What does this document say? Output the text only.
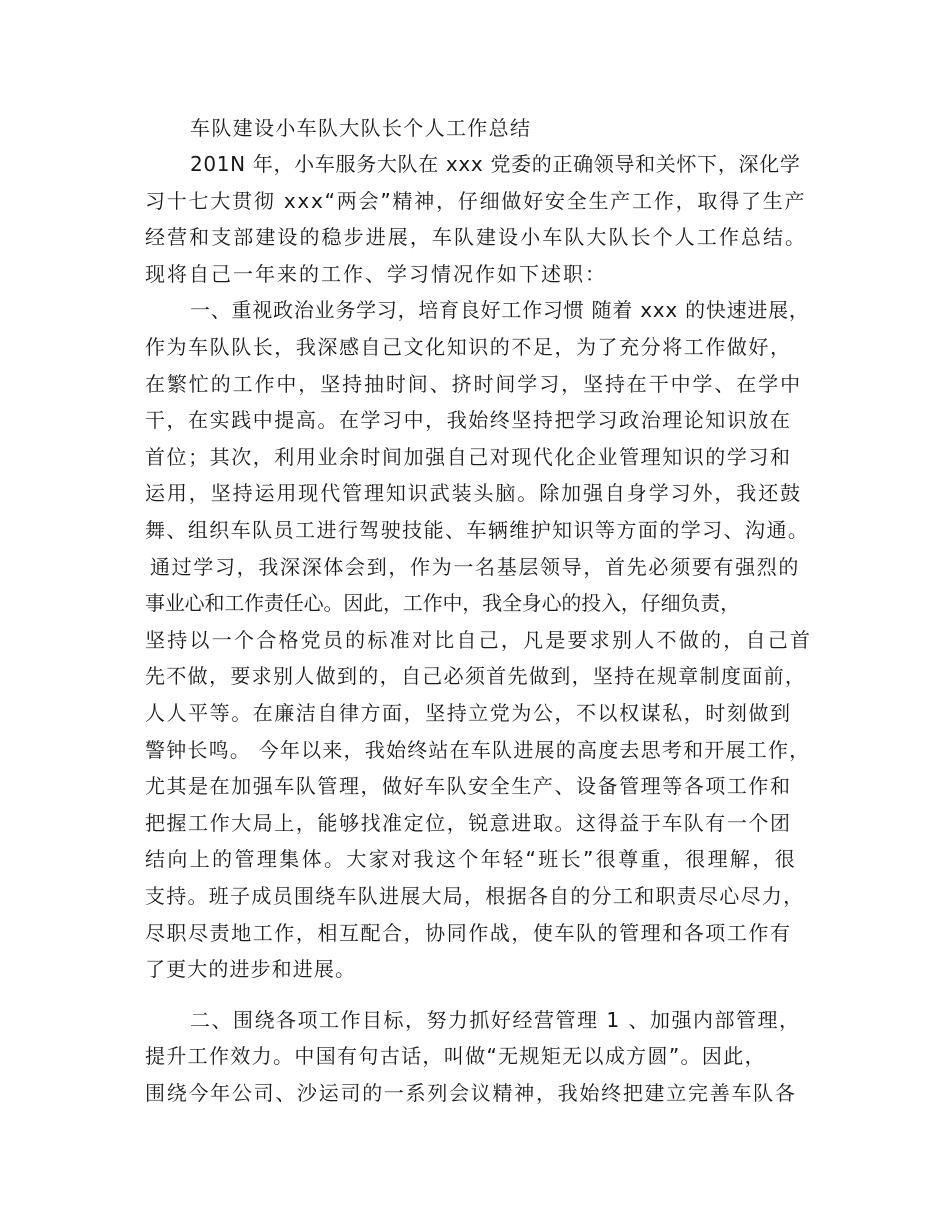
车队建设小车队大队长个人工作总结
201N 年，小车服务大队在 xxx 党委的正确领导和关怀下，深化学
习十七大贯彻 xxx“两会”精神，仔细做好安全生产工作，取得了生产
经营和支部建设的稳步进展，车队建设小车队大队长个人工作总结。
现将自己一年来的工作、学习情况作如下述职：
一、重视政治业务学习，培育良好工作习惯 随着 xxx 的快速进展，
作为车队队长，我深感自己文化知识的不足，为了充分将工作做好，
在繁忙的工作中，坚持抽时间、挤时间学习，坚持在干中学、在学中
干，在实践中提高。在学习中，我始终坚持把学习政治理论知识放在
首位；其次，利用业余时间加强自己对现代化企业管理知识的学习和
运用，坚持运用现代管理知识武装头脑。除加强自身学习外，我还鼓
舞、组织车队员工进行驾驶技能、车辆维护知识等方面的学习、沟通。
通过学习，我深深体会到，作为一名基层领导，首先必须要有强烈的
事业心和工作责任心。因此，工作中，我全身心的投入，仔细负责，
坚持以一个合格党员的标准对比自己，凡是要求别人不做的，自己首
先不做，要求别人做到的，自己必须首先做到，坚持在规章制度面前，
人人平等。在廉洁自律方面，坚持立党为公，不以权谋私，时刻做到
警钟长鸣。 今年以来，我始终站在车队进展的高度去思考和开展工作，
尤其是在加强车队管理，做好车队安全生产、设备管理等各项工作和
把握工作大局上，能够找准定位，锐意进取。这得益于车队有一个团
结向上的管理集体。大家对我这个年轻“班长”很尊重，很理解，很
支持。班子成员围绕车队进展大局，根据各自的分工和职责尽心尽力，
尽职尽责地工作，相互配合，协同作战，使车队的管理和各项工作有
了更大的进步和进展。
二、围绕各项工作目标，努力抓好经营管理 1 、加强内部管理，
提升工作效力。中国有句古话，叫做“无规矩无以成方圆”。因此，
围绕今年公司、沙运司的一系列会议精神，我始终把建立完善车队各
